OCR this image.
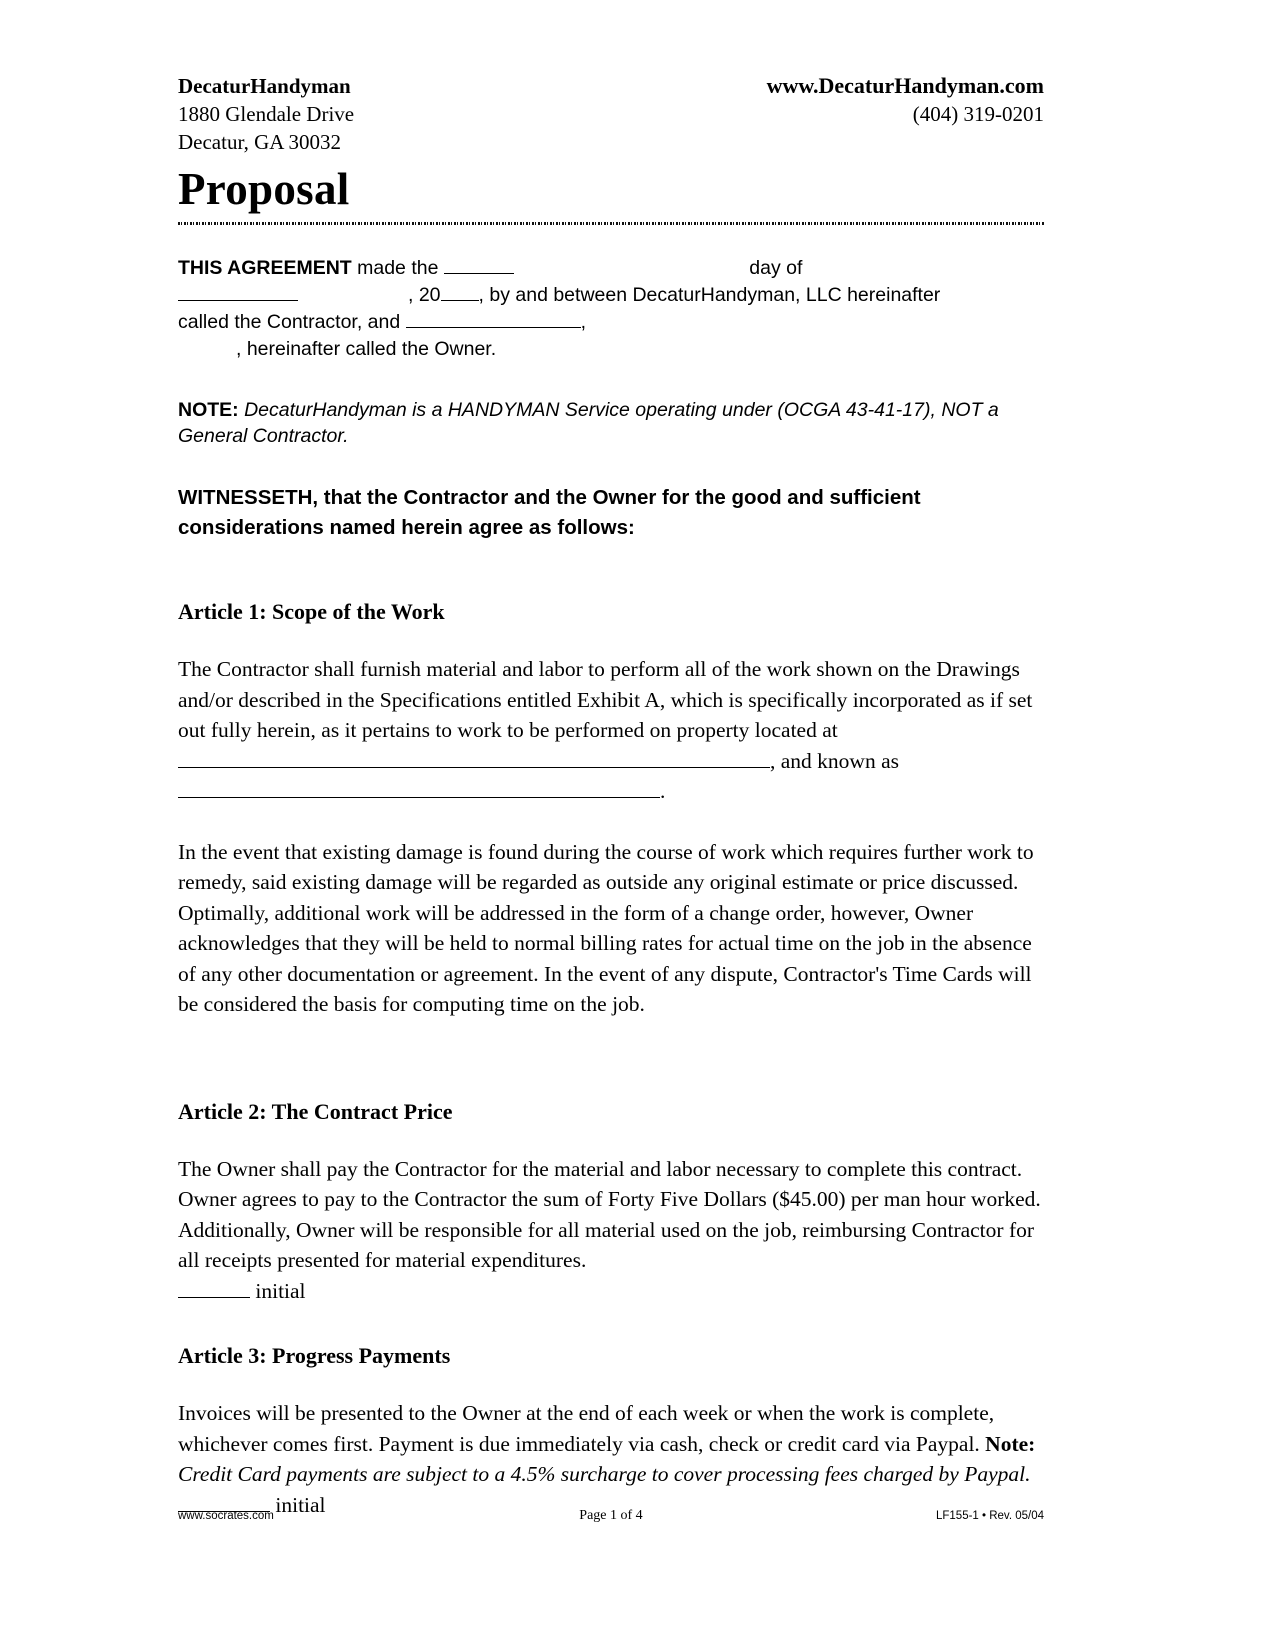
DecaturHandyman
1880 Glendale Drive
Decatur, GA 30032
www.DecaturHandyman.com
(404) 319-0201
Proposal

THIS AGREEMENT made the	day of
, 20 , by and between DecaturHandyman, LLC hereinafter
called the Contractor, and	,
, hereinafter called the Owner.

NOTE: DecaturHandyman is a HANDYMAN Service operating under (OCGA 43-41-17), NOT a General Contractor.

WITNESSETH, that the Contractor and the Owner for the good and sufficient considerations named herein agree as follows:

Article 1: Scope of the Work

The Contractor shall furnish material and labor to perform all of the work shown on the Drawings and/or described in the Specifications entitled Exhibit A, which is specifically incorporated as if set out fully herein, as it pertains to work to be performed on property located at , and known as
.

In the event that existing damage is found during the course of work which requires further work to remedy, said existing damage will be regarded as outside any original estimate or price discussed. Optimally, additional work will be addressed in the form of a change order, however, Owner acknowledges that they will be held to normal billing rates for actual time on the job in the absence of any other documentation or agreement. In the event of any dispute, Contractor's Time Cards will be considered the basis for computing time on the job.

Article 2: The Contract Price

The Owner shall pay the Contractor for the material and labor necessary to complete this contract. Owner agrees to pay to the Contractor the sum of Forty Five Dollars ($45.00) per man hour worked. Additionally, Owner will be responsible for all material used on the job, reimbursing Contractor for all receipts presented for material expenditures.
initial

Article 3: Progress Payments

Invoices will be presented to the Owner at the end of each week or when the work is complete, whichever comes first. Payment is due immediately via cash, check or credit card via Paypal. Note: Credit Card payments are subject to a 4.5% surcharge to cover processing fees charged by Paypal.  initial

www.socrates.com	Page 1 of 4	LF155-1 • Rev. 05/04
